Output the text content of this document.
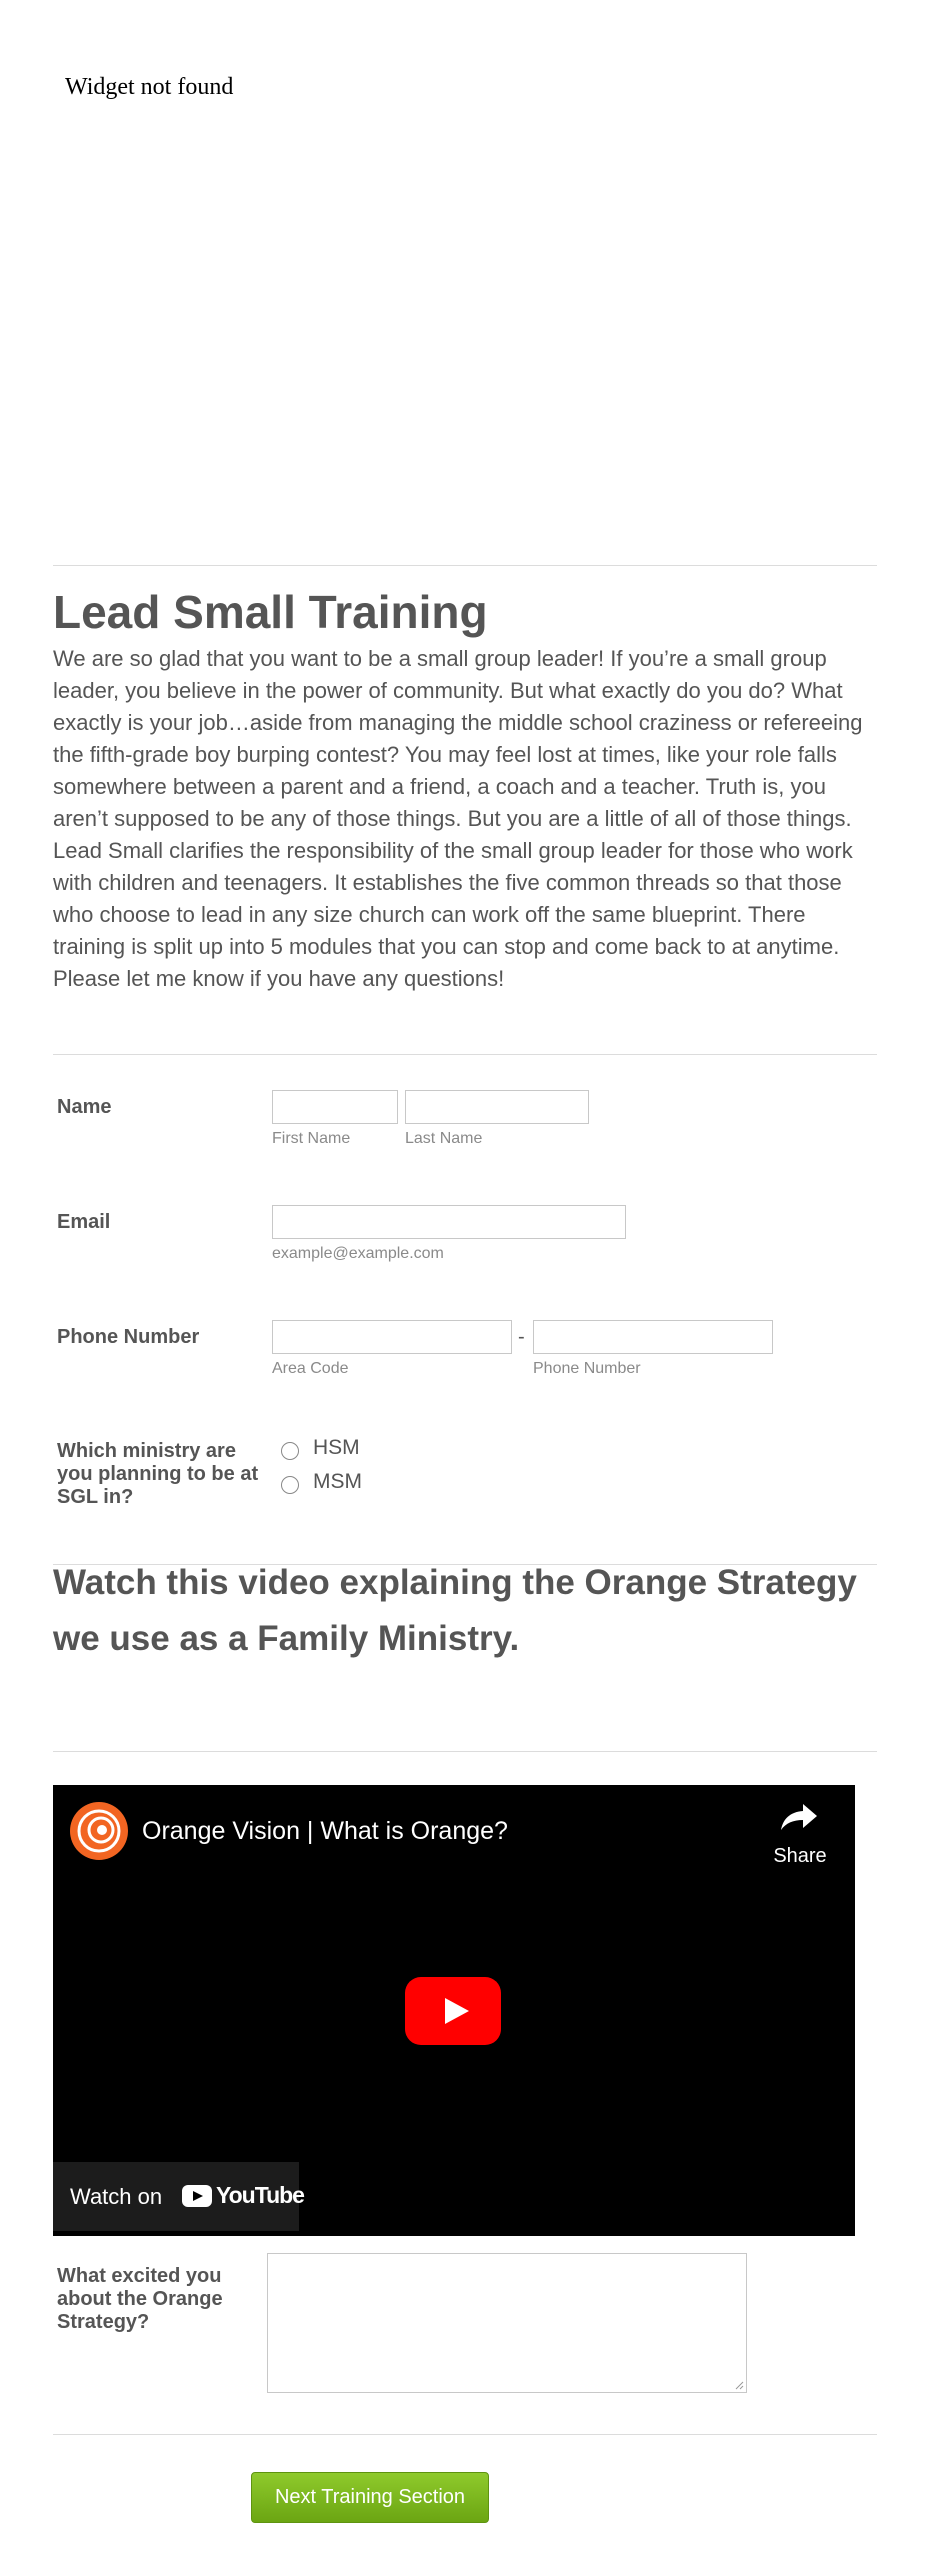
Widget not found
Lead Small Training

We are so glad that you want to be a small group leader! If you’re a small group leader, you believe in the power of community. But what exactly do you do? What exactly is your job…aside from managing the middle school craziness or refereeing the fifth-grade boy burping contest? You may feel lost at times, like your role falls somewhere between a parent and a friend, a coach and a teacher. Truth is, you aren’t supposed to be any of those things. But you are a little of all of those things. Lead Small clarifies the responsibility of the small group leader for those who work with children and teenagers. It establishes the five common threads so that those who choose to lead in any size church can work off the same blueprint. There training is split up into 5 modules that you can stop and come back to at anytime. Please let me know if you have any questions!

Name
First Name	Last Name
Email
example@example.com
Phone Number	-
Area Code	Phone Number
Which ministry are
you planning to be at
SGL in?
HSM
MSM
Watch this video explaining the Orange Strategy we use as a Family Ministry.
Orange Vision | What is Orange?
Share
Watch on YouTube
What excited you
about the Orange
Strategy?
Next Training Section
